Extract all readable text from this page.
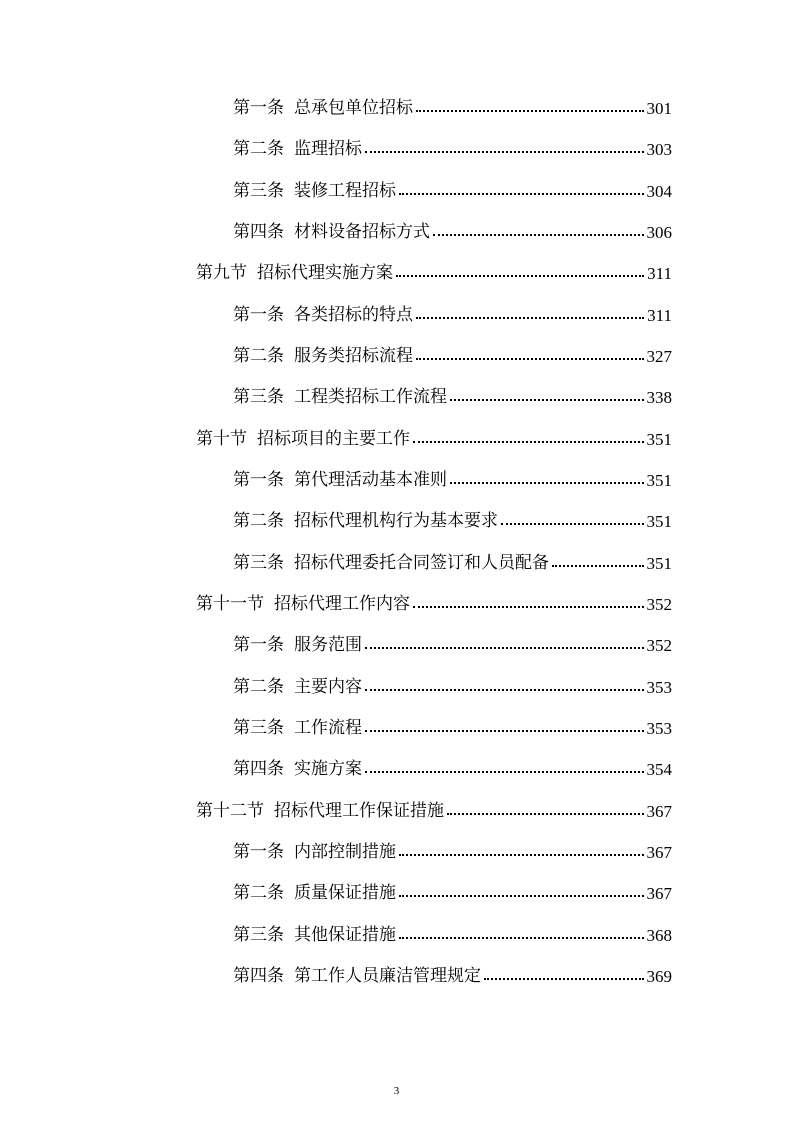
第一条 总承包单位招标	301
第二条 监理招标	303
第三条 装修工程招标	304
第四条 材料设备招标方式	306
第九节 招标代理实施方案	311
第一条 各类招标的特点	311
第二条 服务类招标流程	327
第三条 工程类招标工作流程	338
第十节 招标项目的主要工作	351
第一条 第代理活动基本准则	351
第二条 招标代理机构行为基本要求	351
第三条 招标代理委托合同签订和人员配备	351
第十一节 招标代理工作内容	352
第一条 服务范围	352
第二条 主要内容	353
第三条 工作流程	353
第四条 实施方案	354
第十二节 招标代理工作保证措施	367
第一条 内部控制措施	367
第二条 质量保证措施	367
第三条 其他保证措施	368
第四条 第工作人员廉洁管理规定	369
3
